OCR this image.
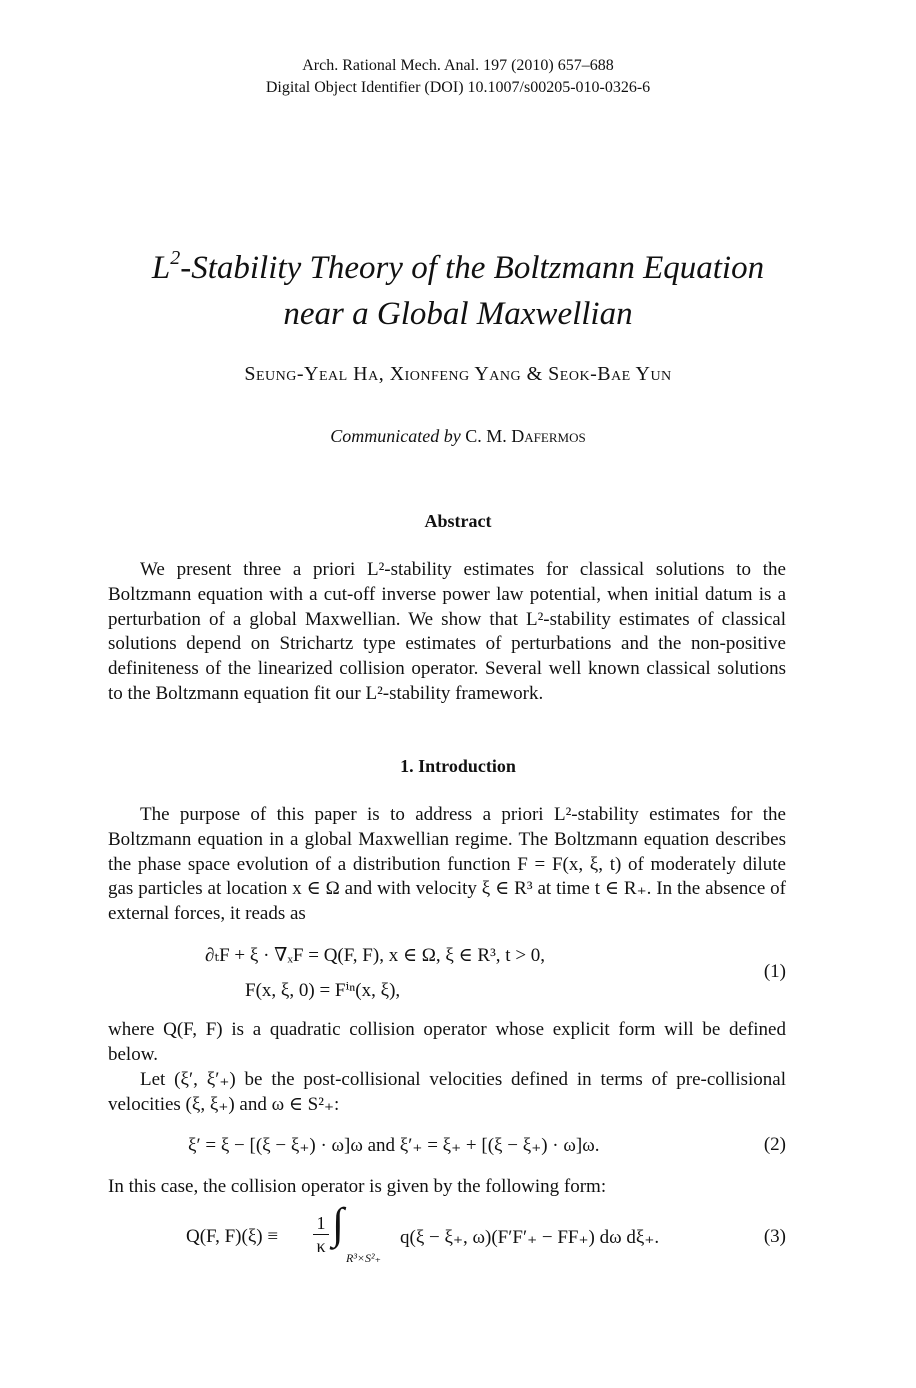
Arch. Rational Mech. Anal. 197 (2010) 657–688
Digital Object Identifier (DOI) 10.1007/s00205-010-0326-6
$L^2$-Stability Theory of the Boltzmann Equation
near a Global Maxwellian
Seung-Yeal Ha, Xionfeng Yang & Seok-Bae Yun
Communicated by C. M. Dafermos
Abstract
We present three a priori L²-stability estimates for classical solutions to the Boltzmann equation with a cut-off inverse power law potential, when initial datum is a perturbation of a global Maxwellian. We show that L²-stability estimates of classical solutions depend on Strichartz type estimates of perturbations and the non-positive definiteness of the linearized collision operator. Several well known classical solutions to the Boltzmann equation fit our L²-stability framework.
1. Introduction
The purpose of this paper is to address a priori L²-stability estimates for the Boltzmann equation in a global Maxwellian regime. The Boltzmann equation describes the phase space evolution of a distribution function F = F(x, ξ, t) of moderately dilute gas particles at location x ∈ Ω and with velocity ξ ∈ R³ at time t ∈ R₊. In the absence of external forces, it reads as
∂ₜF + ξ · ∇ₓF = Q(F, F), x ∈ Ω, ξ ∈ R³, t > 0,
F(x, ξ, 0) = Fⁱⁿ(x, ξ),
(1)
where Q(F, F) is a quadratic collision operator whose explicit form will be defined below.
Let (ξ′, ξ′₊) be the post-collisional velocities defined in terms of pre-collisional velocities (ξ, ξ₊) and ω ∈ S²₊:
ξ′ = ξ − [(ξ − ξ₊) · ω]ω and ξ′₊ = ξ₊ + [(ξ − ξ₊) · ω]ω.	(2)
In this case, the collision operator is given by the following form:
Q(F, F)(ξ) ≡
1
κ ∫
R³×S²₊
q(ξ − ξ₊, ω)(F′F′₊ − FF₊) dω dξ₊.	(3)
